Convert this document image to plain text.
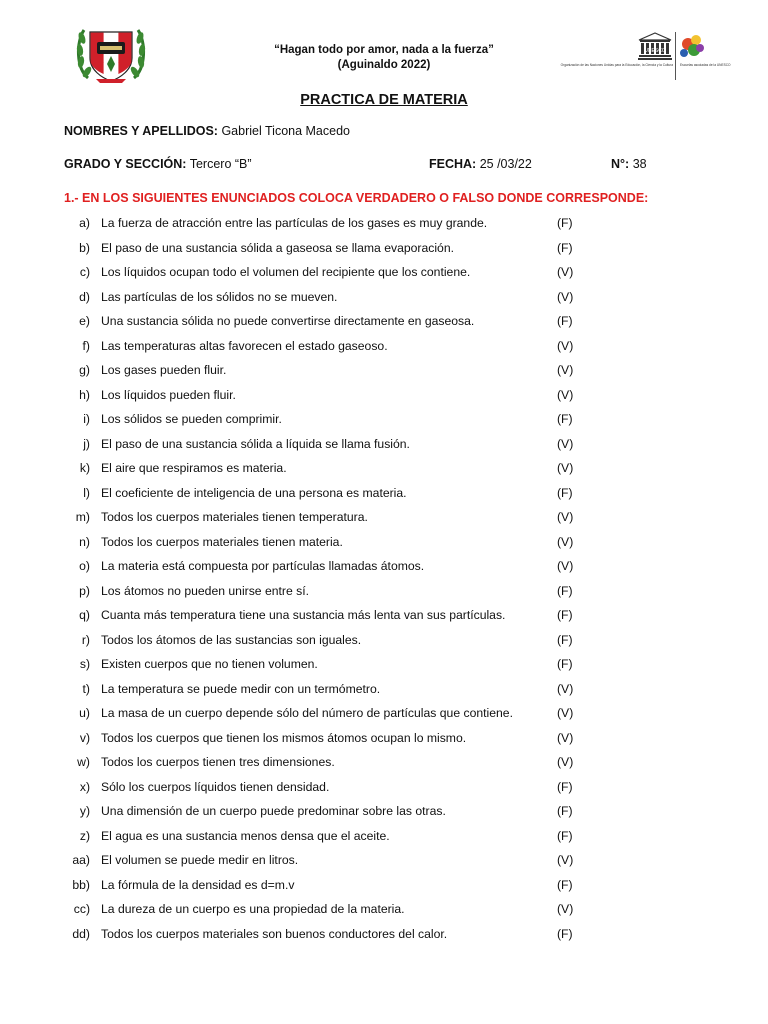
UNESCO
Organización de las Naciones Unidas para la Educación, la Ciencia y la Cultura Escuelas asociadas de la UNESCO
“Hagan todo por amor, nada a la fuerza”
(Aguinaldo 2022)
PRACTICA DE MATERIA
NOMBRES Y APELLIDOS: Gabriel Ticona Macedo
GRADO Y SECCIÓN: Tercero “B”	FECHA: 25 /03/22	N°: 38
1.- EN LOS SIGUIENTES ENUNCIADOS COLOCA VERDADERO O FALSO DONDE CORRESPONDE:
a) La fuerza de atracción entre las partículas de los gases es muy grande.	(F)
b) El paso de una sustancia sólida a gaseosa se llama evaporación.	(F)
c) Los líquidos ocupan todo el volumen del recipiente que los contiene.	(V)
d) Las partículas de los sólidos no se mueven.	(V)
e) Una sustancia sólida no puede convertirse directamente en gaseosa.	(F)
f) Las temperaturas altas favorecen el estado gaseoso.	(V)
g) Los gases pueden fluir.	(V)
h) Los líquidos pueden fluir.	(V)
i) Los sólidos se pueden comprimir.	(F)
j) El paso de una sustancia sólida a líquida se llama fusión.	(V)
k) El aire que respiramos es materia.	(V)
l) El coeficiente de inteligencia de una persona es materia.	(F)
m) Todos los cuerpos materiales tienen temperatura.	(V)
n) Todos los cuerpos materiales tienen materia.	(V)
o) La materia está compuesta por partículas llamadas átomos.	(V)
p) Los átomos no pueden unirse entre sí.	(F)
q) Cuanta más temperatura tiene una sustancia más lenta van sus partículas.	(F)
r) Todos los átomos de las sustancias son iguales.	(F)
s) Existen cuerpos que no tienen volumen.	(F)
t) La temperatura se puede medir con un termómetro.	(V)
u) La masa de un cuerpo depende sólo del número de partículas que contiene.	(V)
v) Todos los cuerpos que tienen los mismos átomos ocupan lo mismo.	(V)
w) Todos los cuerpos tienen tres dimensiones.	(V)
x) Sólo los cuerpos líquidos tienen densidad.	(F)
y) Una dimensión de un cuerpo puede predominar sobre las otras.	(F)
z) El agua es una sustancia menos densa que el aceite.	(F)
aa) El volumen se puede medir en litros.	(V)
bb) La fórmula de la densidad es d=m.v	(F)
cc) La dureza de un cuerpo es una propiedad de la materia.	(V)
dd) Todos los cuerpos materiales son buenos conductores del calor.	(F)
